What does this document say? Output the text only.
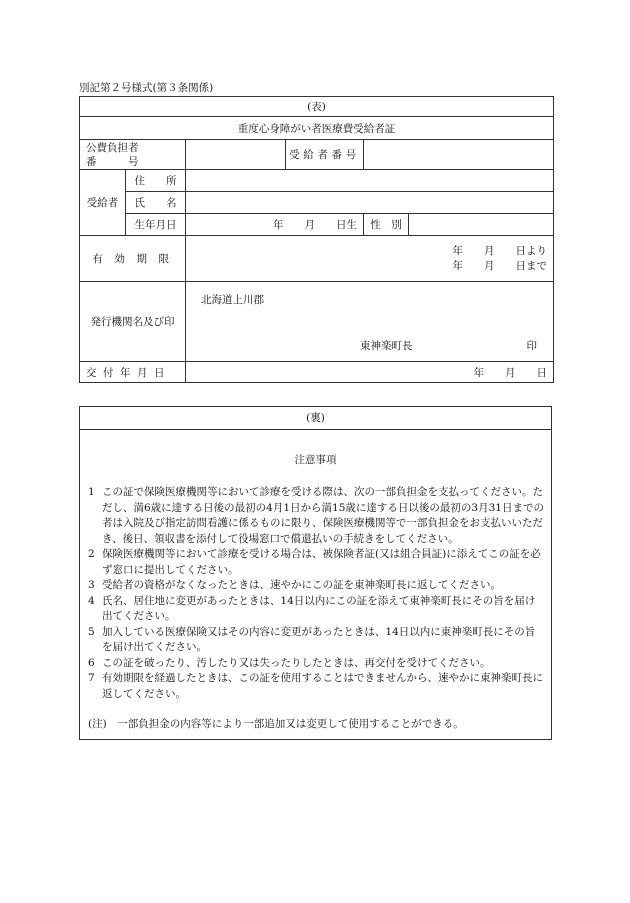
別記第２号様式(第３条関係)
(表)					
重度心身障がい者医療費受給者証					

公費負担者
番　　　号			受給者番号		
受給者	住　　所				
	氏　　名				
	生年月日	年　　月　　日生		性　別	

有効期限		年　　月　　日より
年　　月　　日まで			

発行機関名及び印		北海道上川郡
東神楽町長 印			

交付年月日		年　　月　　日			
(裏)
注意事項
1 この証で保険医療機関等において診療を受ける際は、次の一部負担金を支払ってください。ただし、満6歳に達する日後の最初の4月1日から満15歳に達する日以後の最初の3月31日までの者は入院及び指定訪問看護に係るものに限り、保険医療機関等で一部負担金をお支払いいただき、後日、領収書を添付して役場窓口で償還払いの手続きをしてください。
2 保険医療機関等において診療を受ける場合は、被保険者証(又は組合員証)に添えてこの証を必ず窓口に提出してください。
3 受給者の資格がなくなったときは、速やかにこの証を東神楽町長に返してください。
4 氏名、居住地に変更があったときは、14日以内にこの証を添えて東神楽町長にその旨を届け出てください。
5 加入している医療保険又はその内容に変更があったときは、14日以内に東神楽町長にその旨を届け出てください。
6 この証を破ったり、汚したり又は失ったりしたときは、再交付を受けてください。
7 有効期限を経過したときは、この証を使用することはできませんから、速やかに東神楽町長に返してください。
(注)　一部負担金の内容等により一部追加又は変更して使用することができる。
